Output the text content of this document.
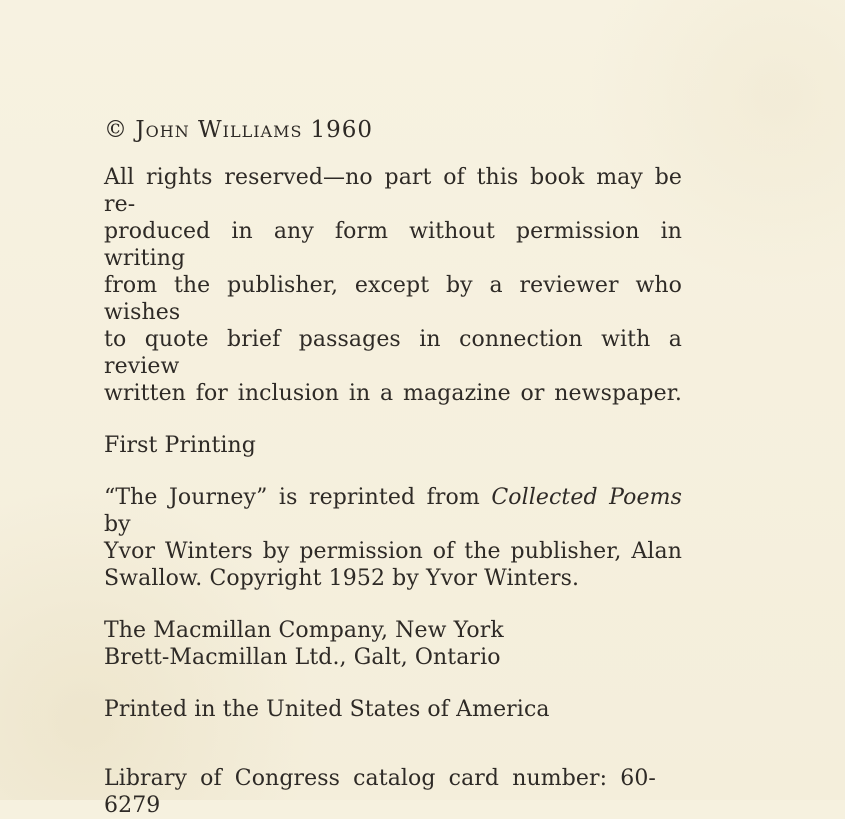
© John Williams 1960

All rights reserved—no part of this book may be re-
produced in any form without permission in writing
from the publisher, except by a reviewer who wishes
to quote brief passages in connection with a review
written for inclusion in a magazine or newspaper.
First Printing
“The Journey” is reprinted from Collected Poems by
Yvor Winters by permission of the publisher, Alan
Swallow. Copyright 1952 by Yvor Winters.
The Macmillan Company, New York
Brett-Macmillan Ltd., Galt, Ontario
Printed in the United States of America
Library of Congress catalog card number: 60-6279
